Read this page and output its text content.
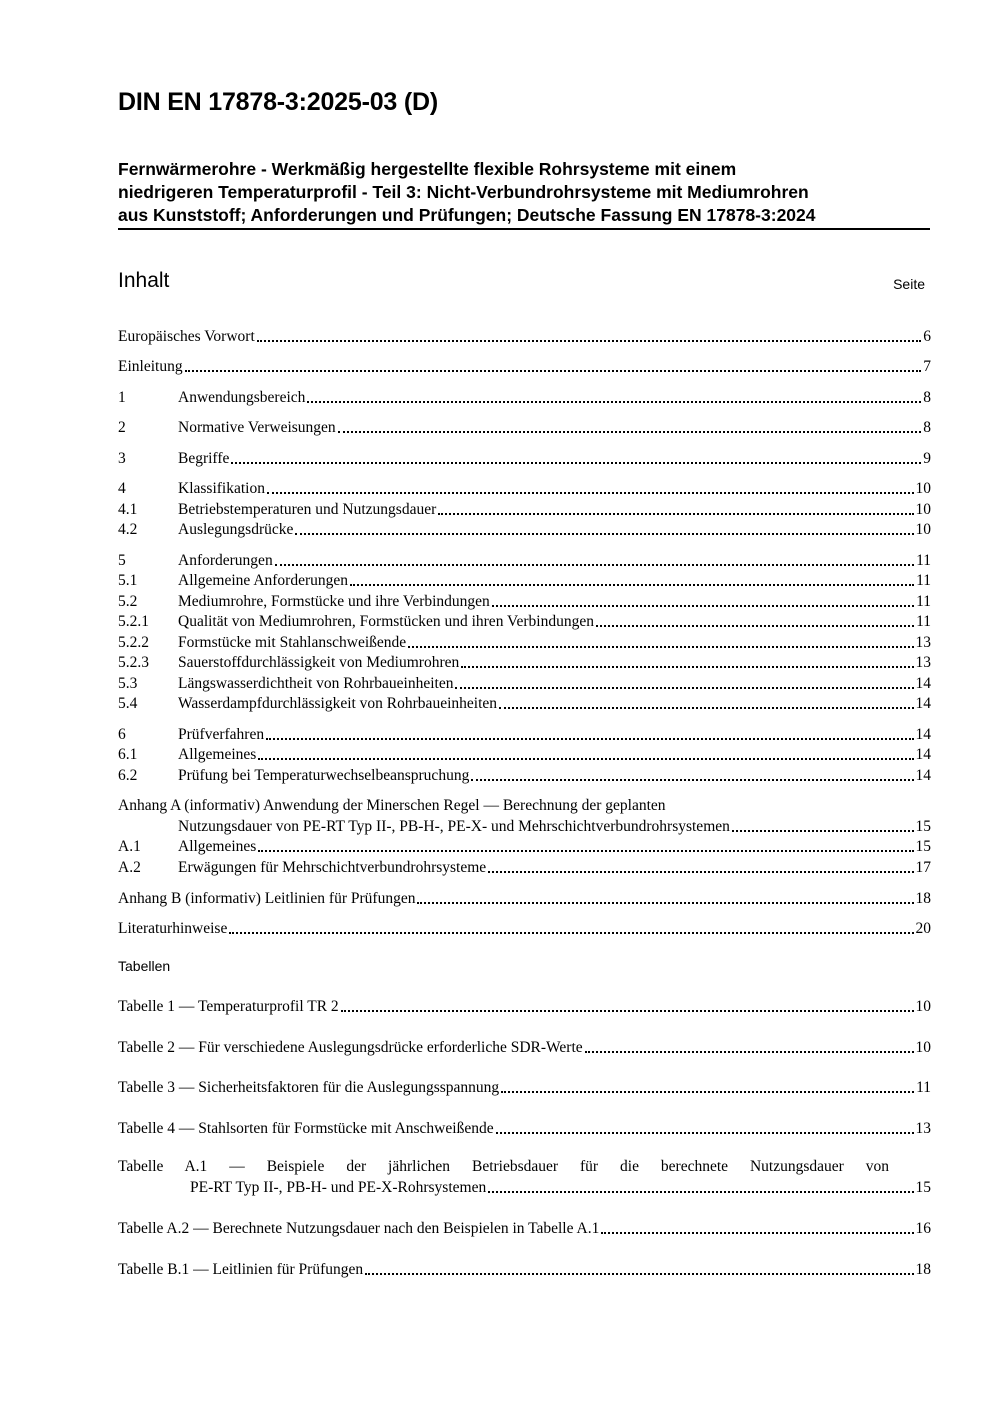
DIN EN 17878-3:2025-03 (D)
Fernwärmerohre - Werkmäßig hergestellte flexible Rohrsysteme mit einem
niedrigeren Temperaturprofil - Teil 3: Nicht-Verbundrohrsysteme mit Mediumrohren
aus Kunststoff; Anforderungen und Prüfungen; Deutsche Fassung EN 17878-3:2024
Inhalt	Seite
Europäisches Vorwort	6
Einleitung	7
1	Anwendungsbereich	8
2	Normative Verweisungen	8
3	Begriffe	9
4	Klassifikation	10
4.1	Betriebstemperaturen und Nutzungsdauer	10
4.2	Auslegungsdrücke	10
5	Anforderungen	11
5.1	Allgemeine Anforderungen	11
5.2	Mediumrohre, Formstücke und ihre Verbindungen	11
5.2.1	Qualität von Mediumrohren, Formstücken und ihren Verbindungen	11
5.2.2	Formstücke mit Stahlanschweißende	13
5.2.3	Sauerstoffdurchlässigkeit von Mediumrohren	13
5.3	Längswasserdichtheit von Rohrbaueinheiten	14
5.4	Wasserdampfdurchlässigkeit von Rohrbaueinheiten	14
6	Prüfverfahren	14
6.1	Allgemeines	14
6.2	Prüfung bei Temperaturwechselbeanspruchung	14
Anhang A (informativ) Anwendung der Minerschen Regel — Berechnung der geplanten
Nutzungsdauer von PE-RT Typ II-, PB-H-, PE-X- und Mehrschichtverbundrohrsystemen	15
A.1	Allgemeines	15
A.2	Erwägungen für Mehrschichtverbundrohrsysteme	17
Anhang B (informativ) Leitlinien für Prüfungen	18
Literaturhinweise	20
Tabellen
Tabelle 1 — Temperaturprofil TR 2	10
Tabelle 2 — Für verschiedene Auslegungsdrücke erforderliche SDR-Werte	10
Tabelle 3 — Sicherheitsfaktoren für die Auslegungsspannung	11
Tabelle 4 — Stahlsorten für Formstücke mit Anschweißende	13
Tabelle A.1 — Beispiele der jährlichen Betriebsdauer für die berechnete Nutzungsdauer von
PE-RT Typ II-, PB-H- und PE-X-Rohrsystemen	15
Tabelle A.2 — Berechnete Nutzungsdauer nach den Beispielen in Tabelle A.1	16
Tabelle B.1 — Leitlinien für Prüfungen	18
